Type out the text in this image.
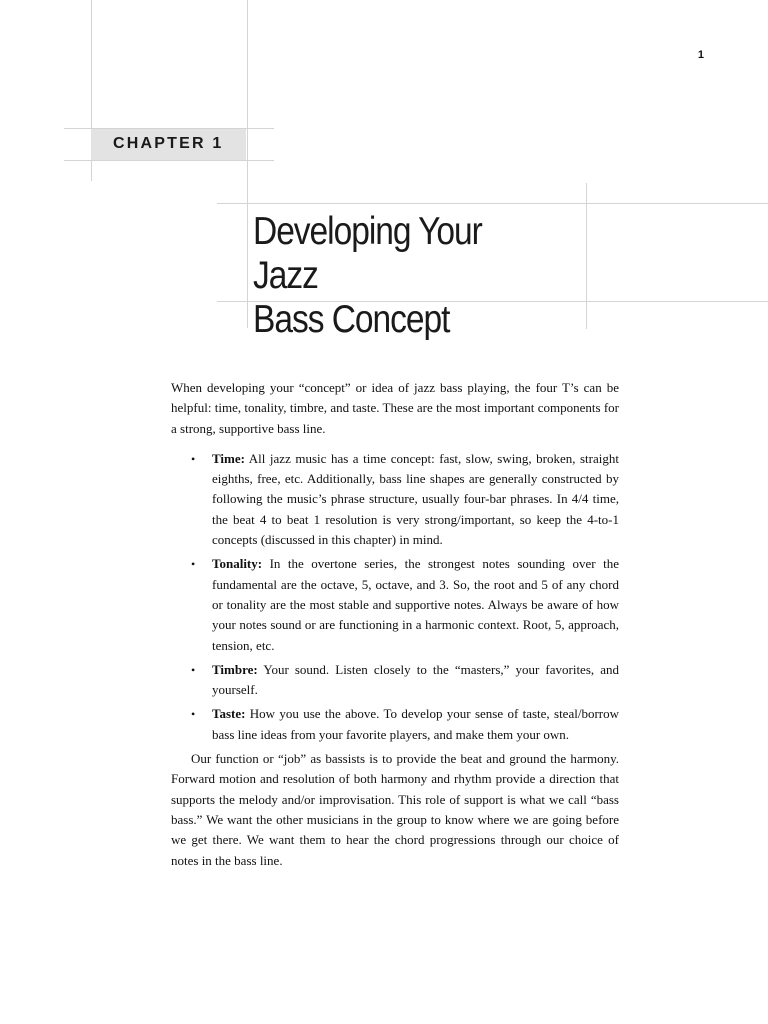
1
CHAPTER 1
Developing Your Jazz
Bass Concept

When developing your “concept” or idea of jazz bass playing, the four T’s can be helpful: time, tonality, timbre, and taste. These are the most important components for a strong, supportive bass line.

• Time: All jazz music has a time concept: fast, slow, swing, broken, straight eighths, free, etc. Additionally, bass line shapes are generally constructed by following the music’s phrase structure, usually four-bar phrases. In 4/4 time, the beat 4 to beat 1 resolution is very strong/important, so keep the 4-to-1 concepts (discussed in this chapter) in mind.
• Tonality: In the overtone series, the strongest notes sounding over the fundamental are the octave, 5, octave, and 3. So, the root and 5 of any chord or tonality are the most stable and supportive notes. Always be aware of how your notes sound or are functioning in a harmonic context. Root, 5, approach, tension, etc.
• Timbre: Your sound. Listen closely to the “masters,” your favorites, and yourself.
• Taste: How you use the above. To develop your sense of taste, steal/borrow bass line ideas from your favorite players, and make them your own.

Our function or “job” as bassists is to provide the beat and ground the harmony. Forward motion and resolution of both harmony and rhythm provide a direction that supports the melody and/or improvisation. This role of support is what we call “bass bass.” We want the other musicians in the group to know where we are going before we get there. We want them to hear the chord progressions through our choice of notes in the bass line.
